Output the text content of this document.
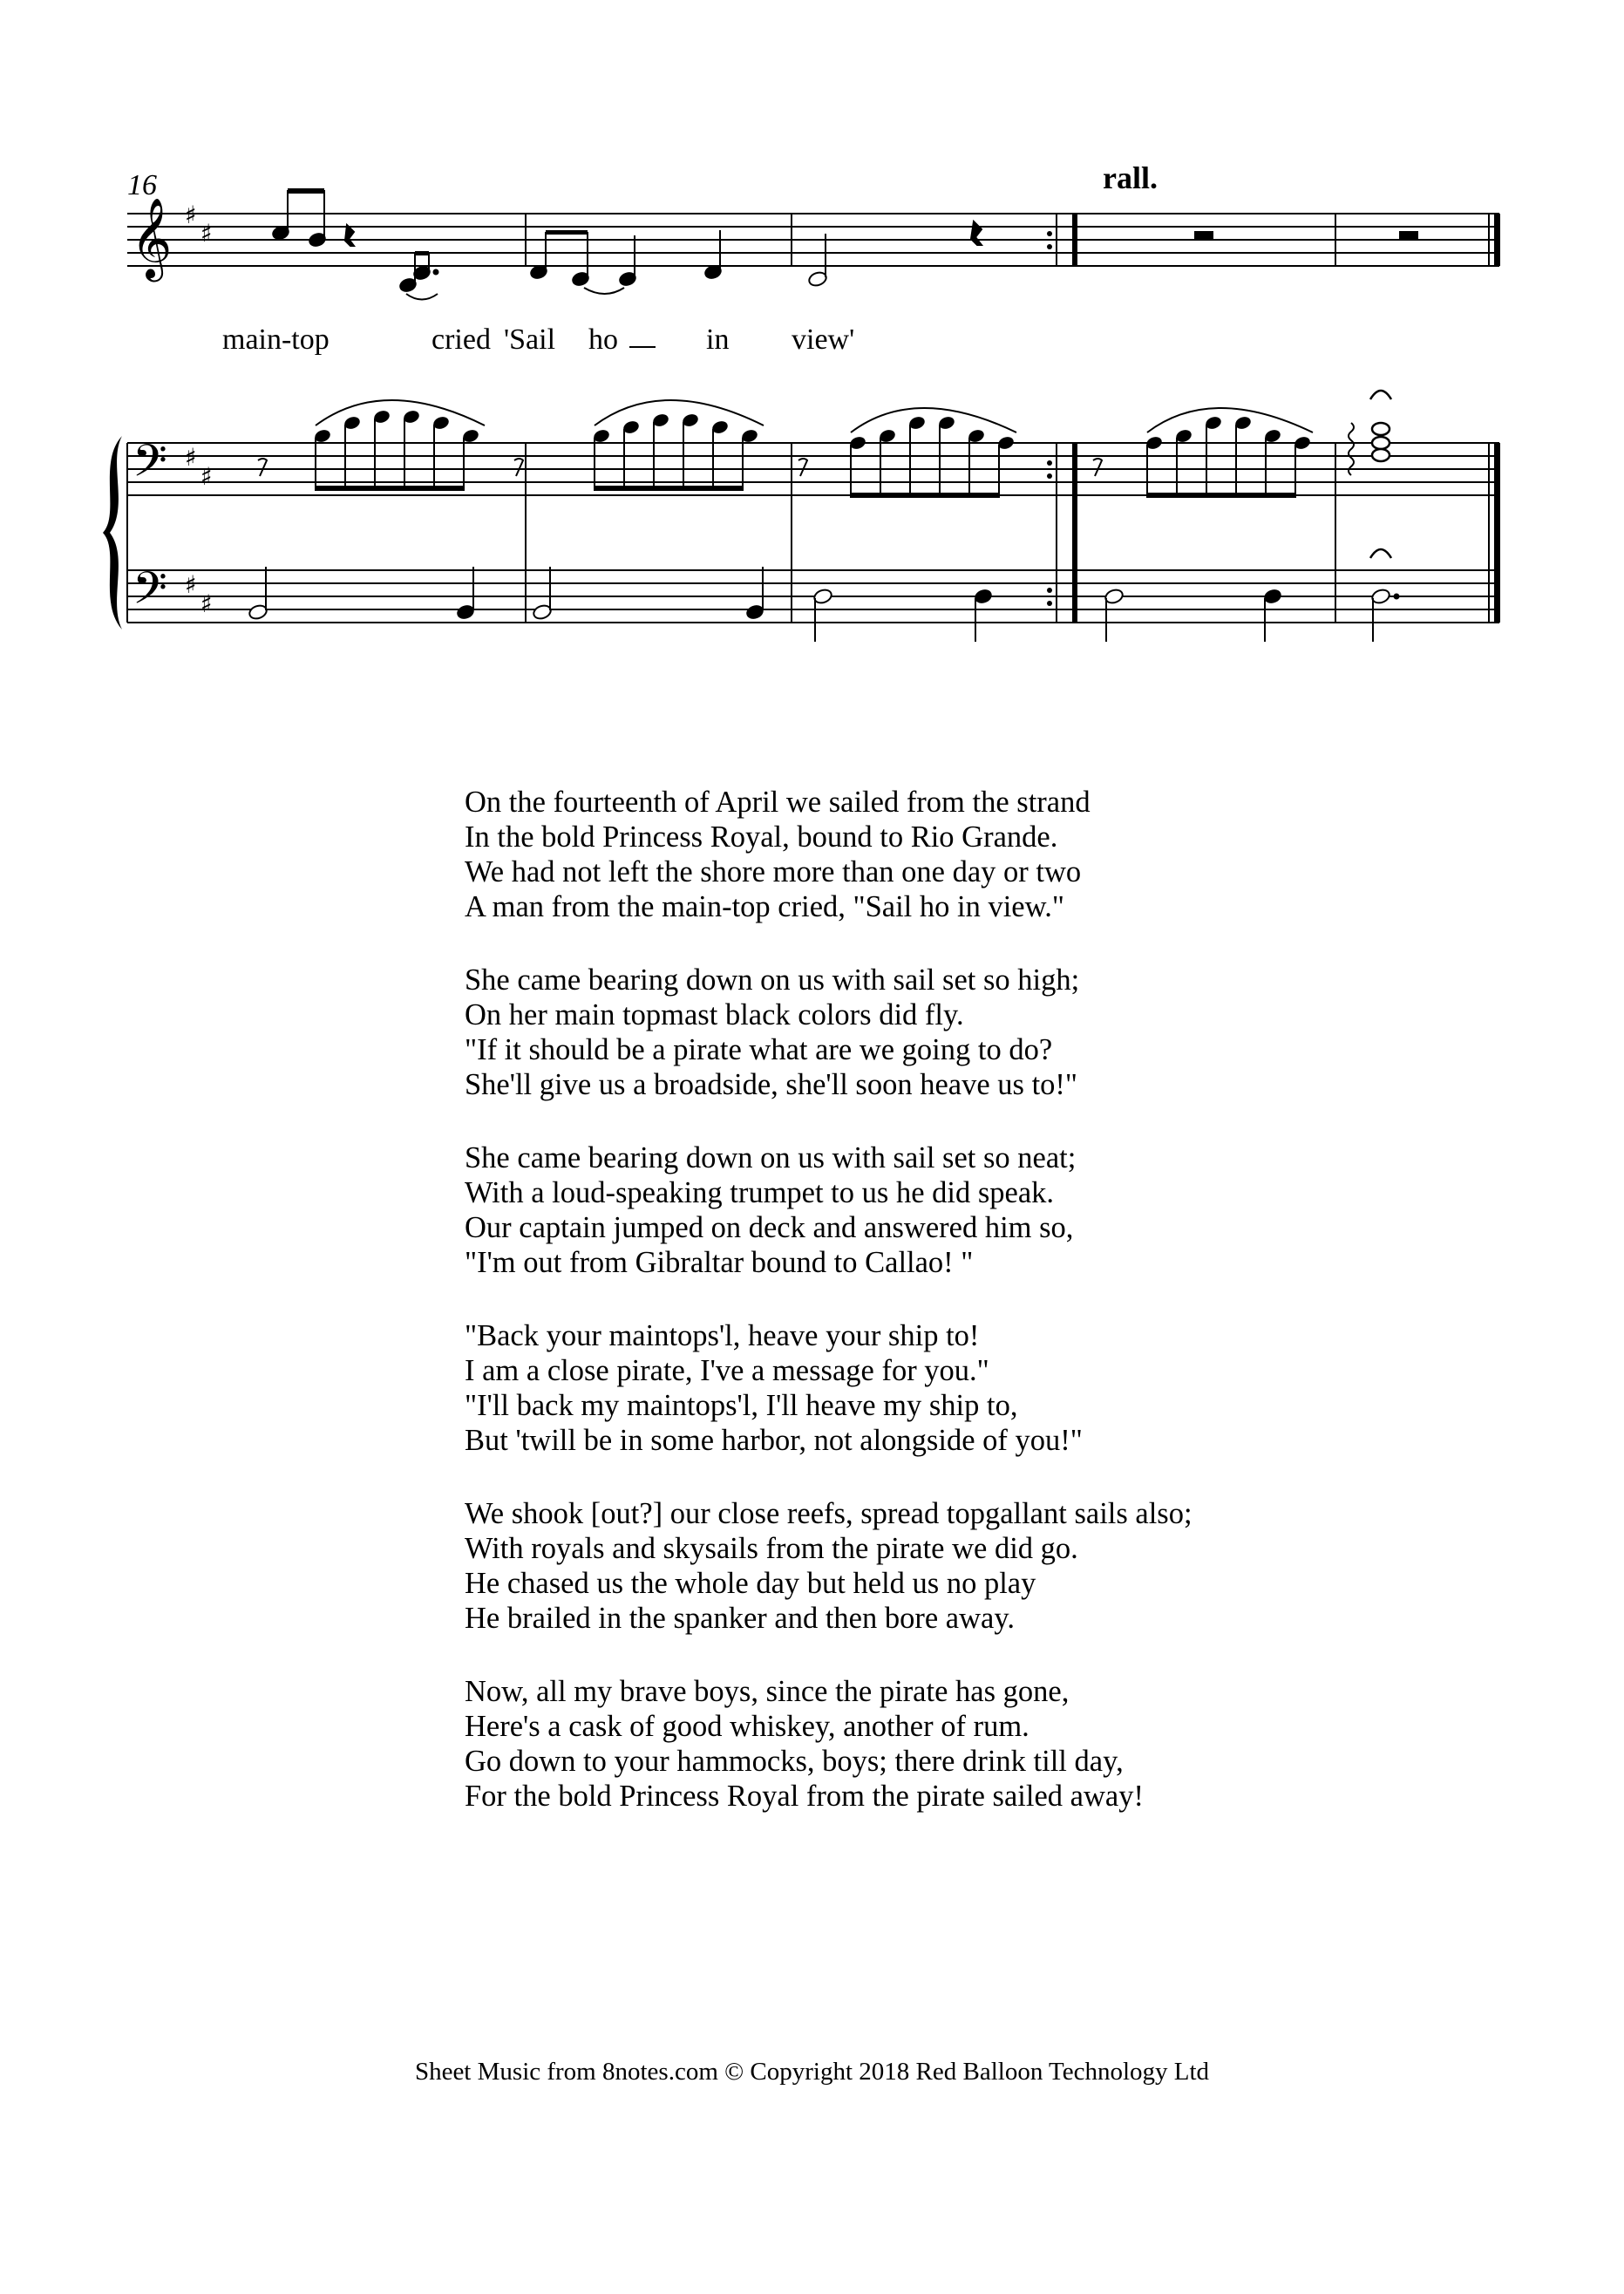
16	rall.
𝄞
𝄢
𝄢
♯
♯
♯
♯
♯
♯
main-top	cried 'Sail ho	in view'
On the fourteenth of April we sailed from the strand
In the bold Princess Royal, bound to Rio Grande.
We had not left the shore more than one day or two
A man from the main-top cried, "Sail ho in view."
She came bearing down on us with sail set so high;
On her main topmast black colors did fly.
"If it should be a pirate what are we going to do?
She'll give us a broadside, she'll soon heave us to!"
She came bearing down on us with sail set so neat;
With a loud-speaking trumpet to us he did speak.
Our captain jumped on deck and answered him so,
"I'm out from Gibraltar bound to Callao! "
"Back your maintops'l, heave your ship to!
I am a close pirate, I've a message for you."
"I'll back my maintops'l, I'll heave my ship to,
But 'twill be in some harbor, not alongside of you!"
We shook [out?] our close reefs, spread topgallant sails also;
With royals and skysails from the pirate we did go.
He chased us the whole day but held us no play
He brailed in the spanker and then bore away.
Now, all my brave boys, since the pirate has gone,
Here's a cask of good whiskey, another of rum.
Go down to your hammocks, boys; there drink till day,
For the bold Princess Royal from the pirate sailed away!
Sheet Music from 8notes.com © Copyright 2018 Red Balloon Technology Ltd
